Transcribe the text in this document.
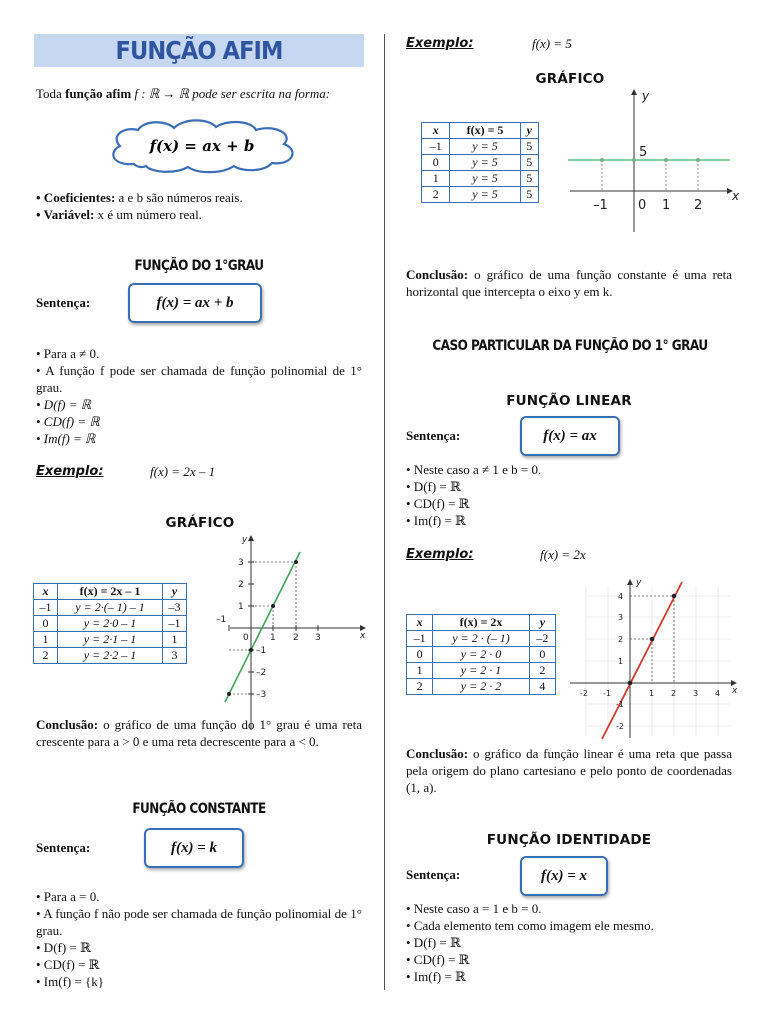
FUNÇÃO AFIM
Toda função afim f : ℝ → ℝ pode ser escrita na forma:
f(x) = ax + b
• Coeficientes: a e b são números reais.
• Variável: x é um número real.
FUNÇÃO DO 1°GRAU
Sentença:	f(x) = ax + b
• Para a ≠ 0.
• A função f pode ser chamada de função polinomial de 1° grau.
• D(f) = ℝ
• CD(f) = ℝ
• Im(f) = ℝ
Exemplo:	f(x) = 2x – 1
GRÁFICO
x	f(x) = 2x – 1	y
–1	y = 2·(– 1) – 1	–3
0	y = 2·0 – 1	–1
1	y = 2·1 – 1	1
2	y = 2·2 – 1	3
x
y
–1
0 1 2 3
3
2
1
–1
–2
–3
Conclusão: o gráfico de uma função do 1° grau é uma reta crescente para a > 0 e uma reta decrescente para a < 0.
FUNÇÃO CONSTANTE
Sentença:	f(x) = k
• Para a = 0.
• A função f não pode ser chamada de função polinomial de 1° grau.
• D(f) = ℝ
• CD(f) = ℝ
• Im(f) = {k}
Exemplo:	f(x) = 5
GRÁFICO
x	f(x) = 5	y
–1	y = 5	5
0	y = 5	5
1	y = 5	5
2	y = 5	5	x
y
–1 0 1 2
5
Conclusão: o gráfico de uma função constante é uma reta horizontal que intercepta o eixo y em k.
CASO PARTICULAR DA FUNÇÃO DO 1° GRAU
FUNÇÃO LINEAR
Sentença:	f(x) = ax
• Neste caso a ≠ 1 e b = 0.
• D(f) = ℝ
• CD(f) = ℝ
• Im(f) = ℝ
Exemplo:	f(x) = 2x
x	f(x) = 2x	y
–1	y = 2 · (– 1)	–2
0	y = 2 · 0	0
1	y = 2 · 1	2
2	y = 2 · 2	4	x
y
-2 -1	1 2 3 4
4
3
2
1
-1
-2
Conclusão: o gráfico da função linear é uma reta que passa pela origem do plano cartesiano e pelo ponto de coordenadas (1, a).
FUNÇÃO IDENTIDADE
Sentença:	f(x) = x
• Neste caso a = 1 e b = 0.
• Cada elemento tem como imagem ele mesmo.
• D(f) = ℝ
• CD(f) = ℝ
• Im(f) = ℝ
